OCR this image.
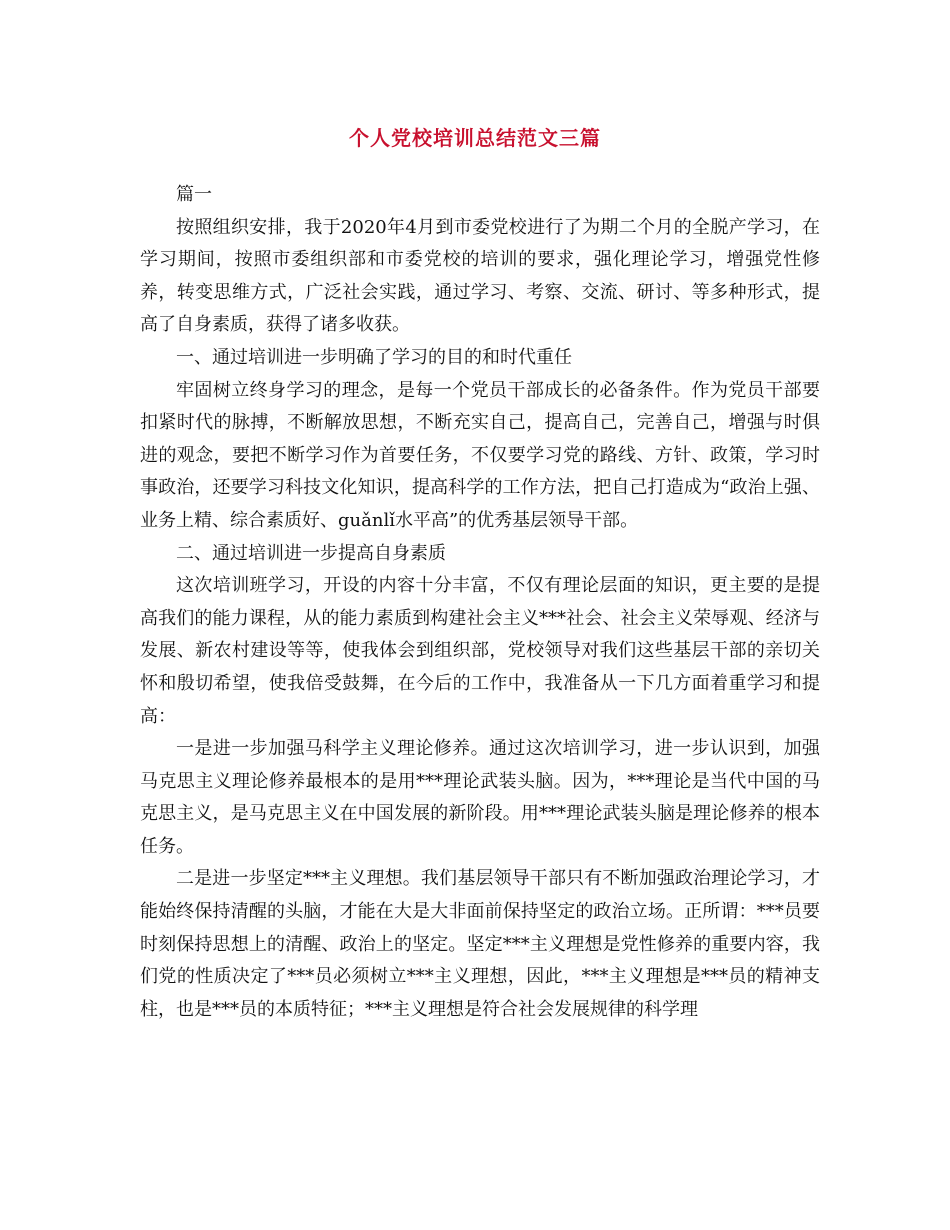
个人党校培训总结范文三篇

篇一

按照组织安排，我于2020年4月到市委党校进行了为期二个月的全脱产学习，在学习期间，按照市委组织部和市委党校的培训的要求，强化理论学习，增强党性修养，转变思维方式，广泛社会实践，通过学习、考察、交流、研讨、等多种形式，提高了自身素质，获得了诸多收获。

一、通过培训进一步明确了学习的目的和时代重任

牢固树立终身学习的理念，是每一个党员干部成长的必备条件。作为党员干部要扣紧时代的脉搏，不断解放思想，不断充实自己，提高自己，完善自己，增强与时俱进的观念，要把不断学习作为首要任务，不仅要学习党的路线、方针、政策，学习时事政治，还要学习科技文化知识，提高科学的工作方法，把自己打造成为“政治上强、业务上精、综合素质好、guǎnlǐ水平高”的优秀基层领导干部。

二、通过培训进一步提高自身素质

这次培训班学习，开设的内容十分丰富，不仅有理论层面的知识，更主要的是提高我们的能力课程，从的能力素质到构建社会主义***社会、社会主义荣辱观、经济与发展、新农村建设等等，使我体会到组织部，党校领导对我们这些基层干部的亲切关怀和殷切希望，使我倍受鼓舞，在今后的工作中，我准备从一下几方面着重学习和提高：

一是进一步加强马科学主义理论修养。通过这次培训学习，进一步认识到，加强马克思主义理论修养最根本的是用***理论武装头脑。因为，***理论是当代中国的马克思主义，是马克思主义在中国发展的新阶段。用***理论武装头脑是理论修养的根本任务。

二是进一步坚定***主义理想。我们基层领导干部只有不断加强政治理论学习，才能始终保持清醒的头脑，才能在大是大非面前保持坚定的政治立场。正所谓：***员要时刻保持思想上的清醒、政治上的坚定。坚定***主义理想是党性修养的重要内容，我们党的性质决定了***员必须树立***主义理想，因此，***主义理想是***员的精神支柱，也是***员的本质特征；***主义理想是符合社会发展规律的科学理
